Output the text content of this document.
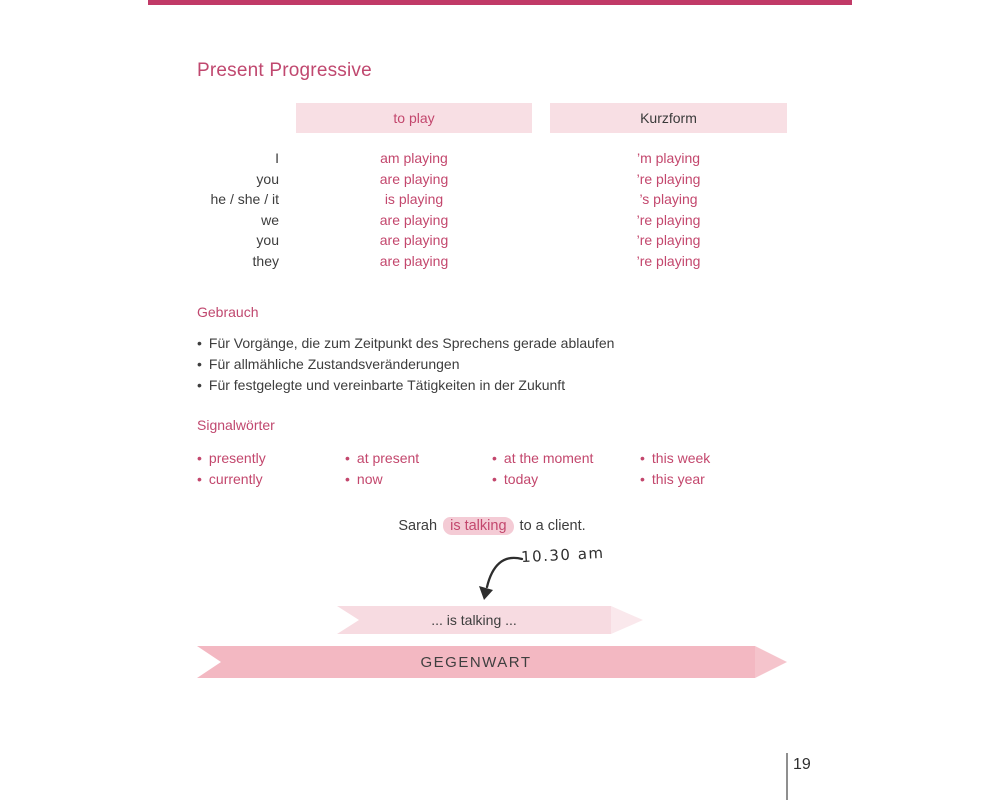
Present Progressive
to play	Kurzform
I	am playing	’m playing
you	are playing	’re playing
he / she / it	is playing	’s playing
we	are playing	’re playing
you	are playing	’re playing
they	are playing	’re playing
Gebrauch
• Für Vorgänge, die zum Zeitpunkt des Sprechens gerade ablaufen
• Für allmähliche Zustandsveränderungen
• Für festgelegte und vereinbarte Tätigkeiten in der Zukunft
Signalwörter
• presently
• currently
• at present
• now
• at the moment
• today
• this week
• this year
Sarah is talking to a client.
10.30 am
... is talking ...
GEGENWART
19
